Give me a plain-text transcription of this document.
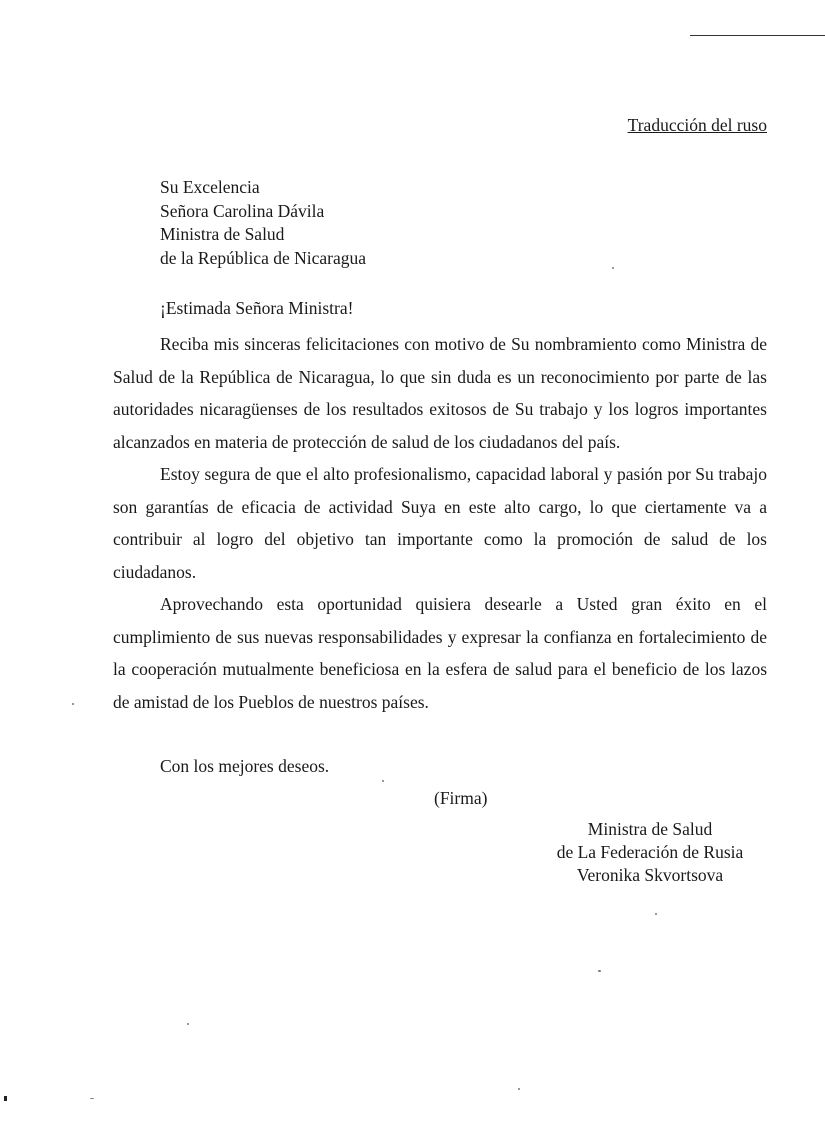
Traducción del ruso
Su Excelencia
Señora Carolina Dávila
Ministra de Salud
de la República de Nicaragua
¡Estimada Señora Ministra!

Reciba mis sinceras felicitaciones con motivo de Su nombramiento como Ministra de Salud de la República de Nicaragua, lo que sin duda es un reconocimiento por parte de las autoridades nicaragüenses de los resultados exitosos de Su trabajo y los logros importantes alcanzados en materia de protección de salud de los ciudadanos del país.

Estoy segura de que el alto profesionalismo, capacidad laboral y pasión por Su trabajo son garantías de eficacia de actividad Suya en este alto cargo, lo que ciertamente va a contribuir al logro del objetivo tan importante como la promoción de salud de los ciudadanos.

Aprovechando esta oportunidad quisiera desearle a Usted gran éxito en el cumplimiento de sus nuevas responsabilidades y expresar la confianza en fortalecimiento de la cooperación mutualmente beneficiosa en la esfera de salud para el beneficio de los lazos de amistad de los Pueblos de nuestros países.

Con los mejores deseos.
(Firma)
Ministra de Salud
de La Federación de Rusia
Veronika Skvortsova
